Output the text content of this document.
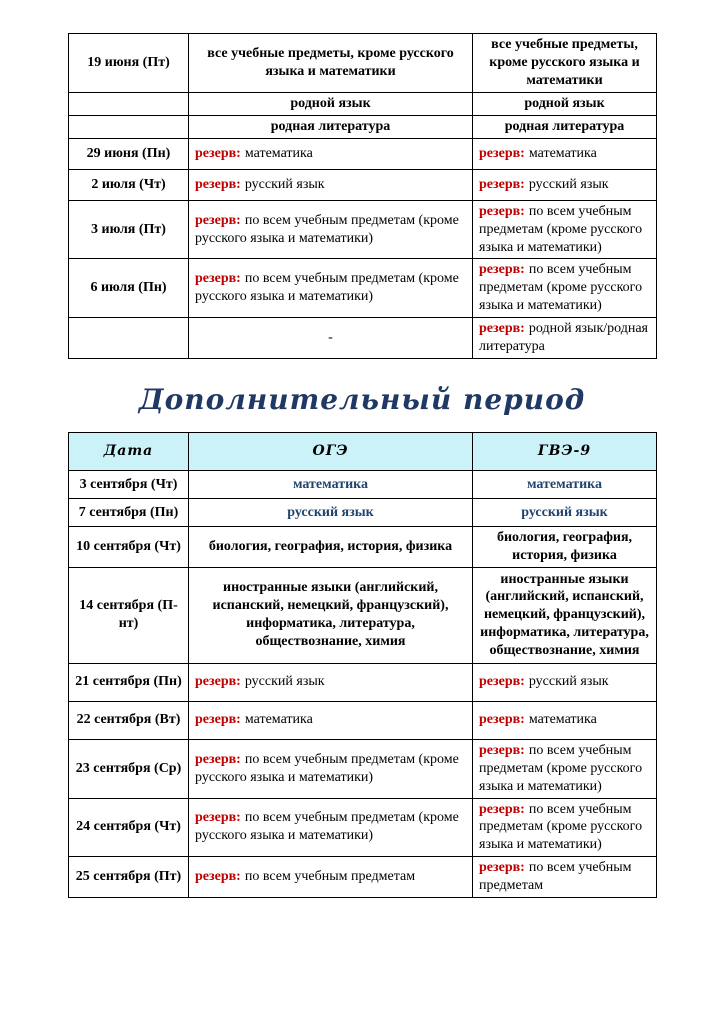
19 июня (Пт)	все учебные предметы, кроме русского языка и математики	все учебные предметы, кроме русского языка и математики
	родной язык	родной язык
	родная литература	родная литература
29 июня (Пн)	резерв: математика	резерв: математика
2 июля (Чт)	резерв: русский язык	резерв: русский язык
3 июля (Пт)	резерв: по всем учебным предметам (кроме русского языка и математики)	резерв: по всем учебным предметам (кроме русского языка и математики)
6 июля (Пн)	резерв: по всем учебным предметам (кроме русского языка и математики)	резерв: по всем учебным предметам (кроме русского языка и математики)
	-	резерв: родной язык/родная литература
Дополнительный период
Дата	ОГЭ	ГВЭ-9
3 сентября (Чт)	математика	математика
7 сентября (Пн)	русский язык	русский язык
10 сентября (Чт)	биология, география, история, физика	биология, география, история, физика
14 сентября (П-нт)	иностранные языки (английский, испанский, немецкий, французский), информатика, литература, обществознание, химия	иностранные языки (английский, испанский, немецкий, французский), информатика, литература, обществознание, химия
21 сентября (Пн)	резерв: русский язык	резерв: русский язык
22 сентября (Вт)	резерв: математика	резерв: математика
23 сентября (Ср)	резерв: по всем учебным предметам (кроме русского языка и математики)	резерв: по всем учебным предметам (кроме русского языка и математики)
24 сентября (Чт)	резерв: по всем учебным предметам (кроме русского языка и математики)	резерв: по всем учебным предметам (кроме русского языка и математики)
25 сентября (Пт)	резерв: по всем учебным предметам	резерв: по всем учебным предметам
